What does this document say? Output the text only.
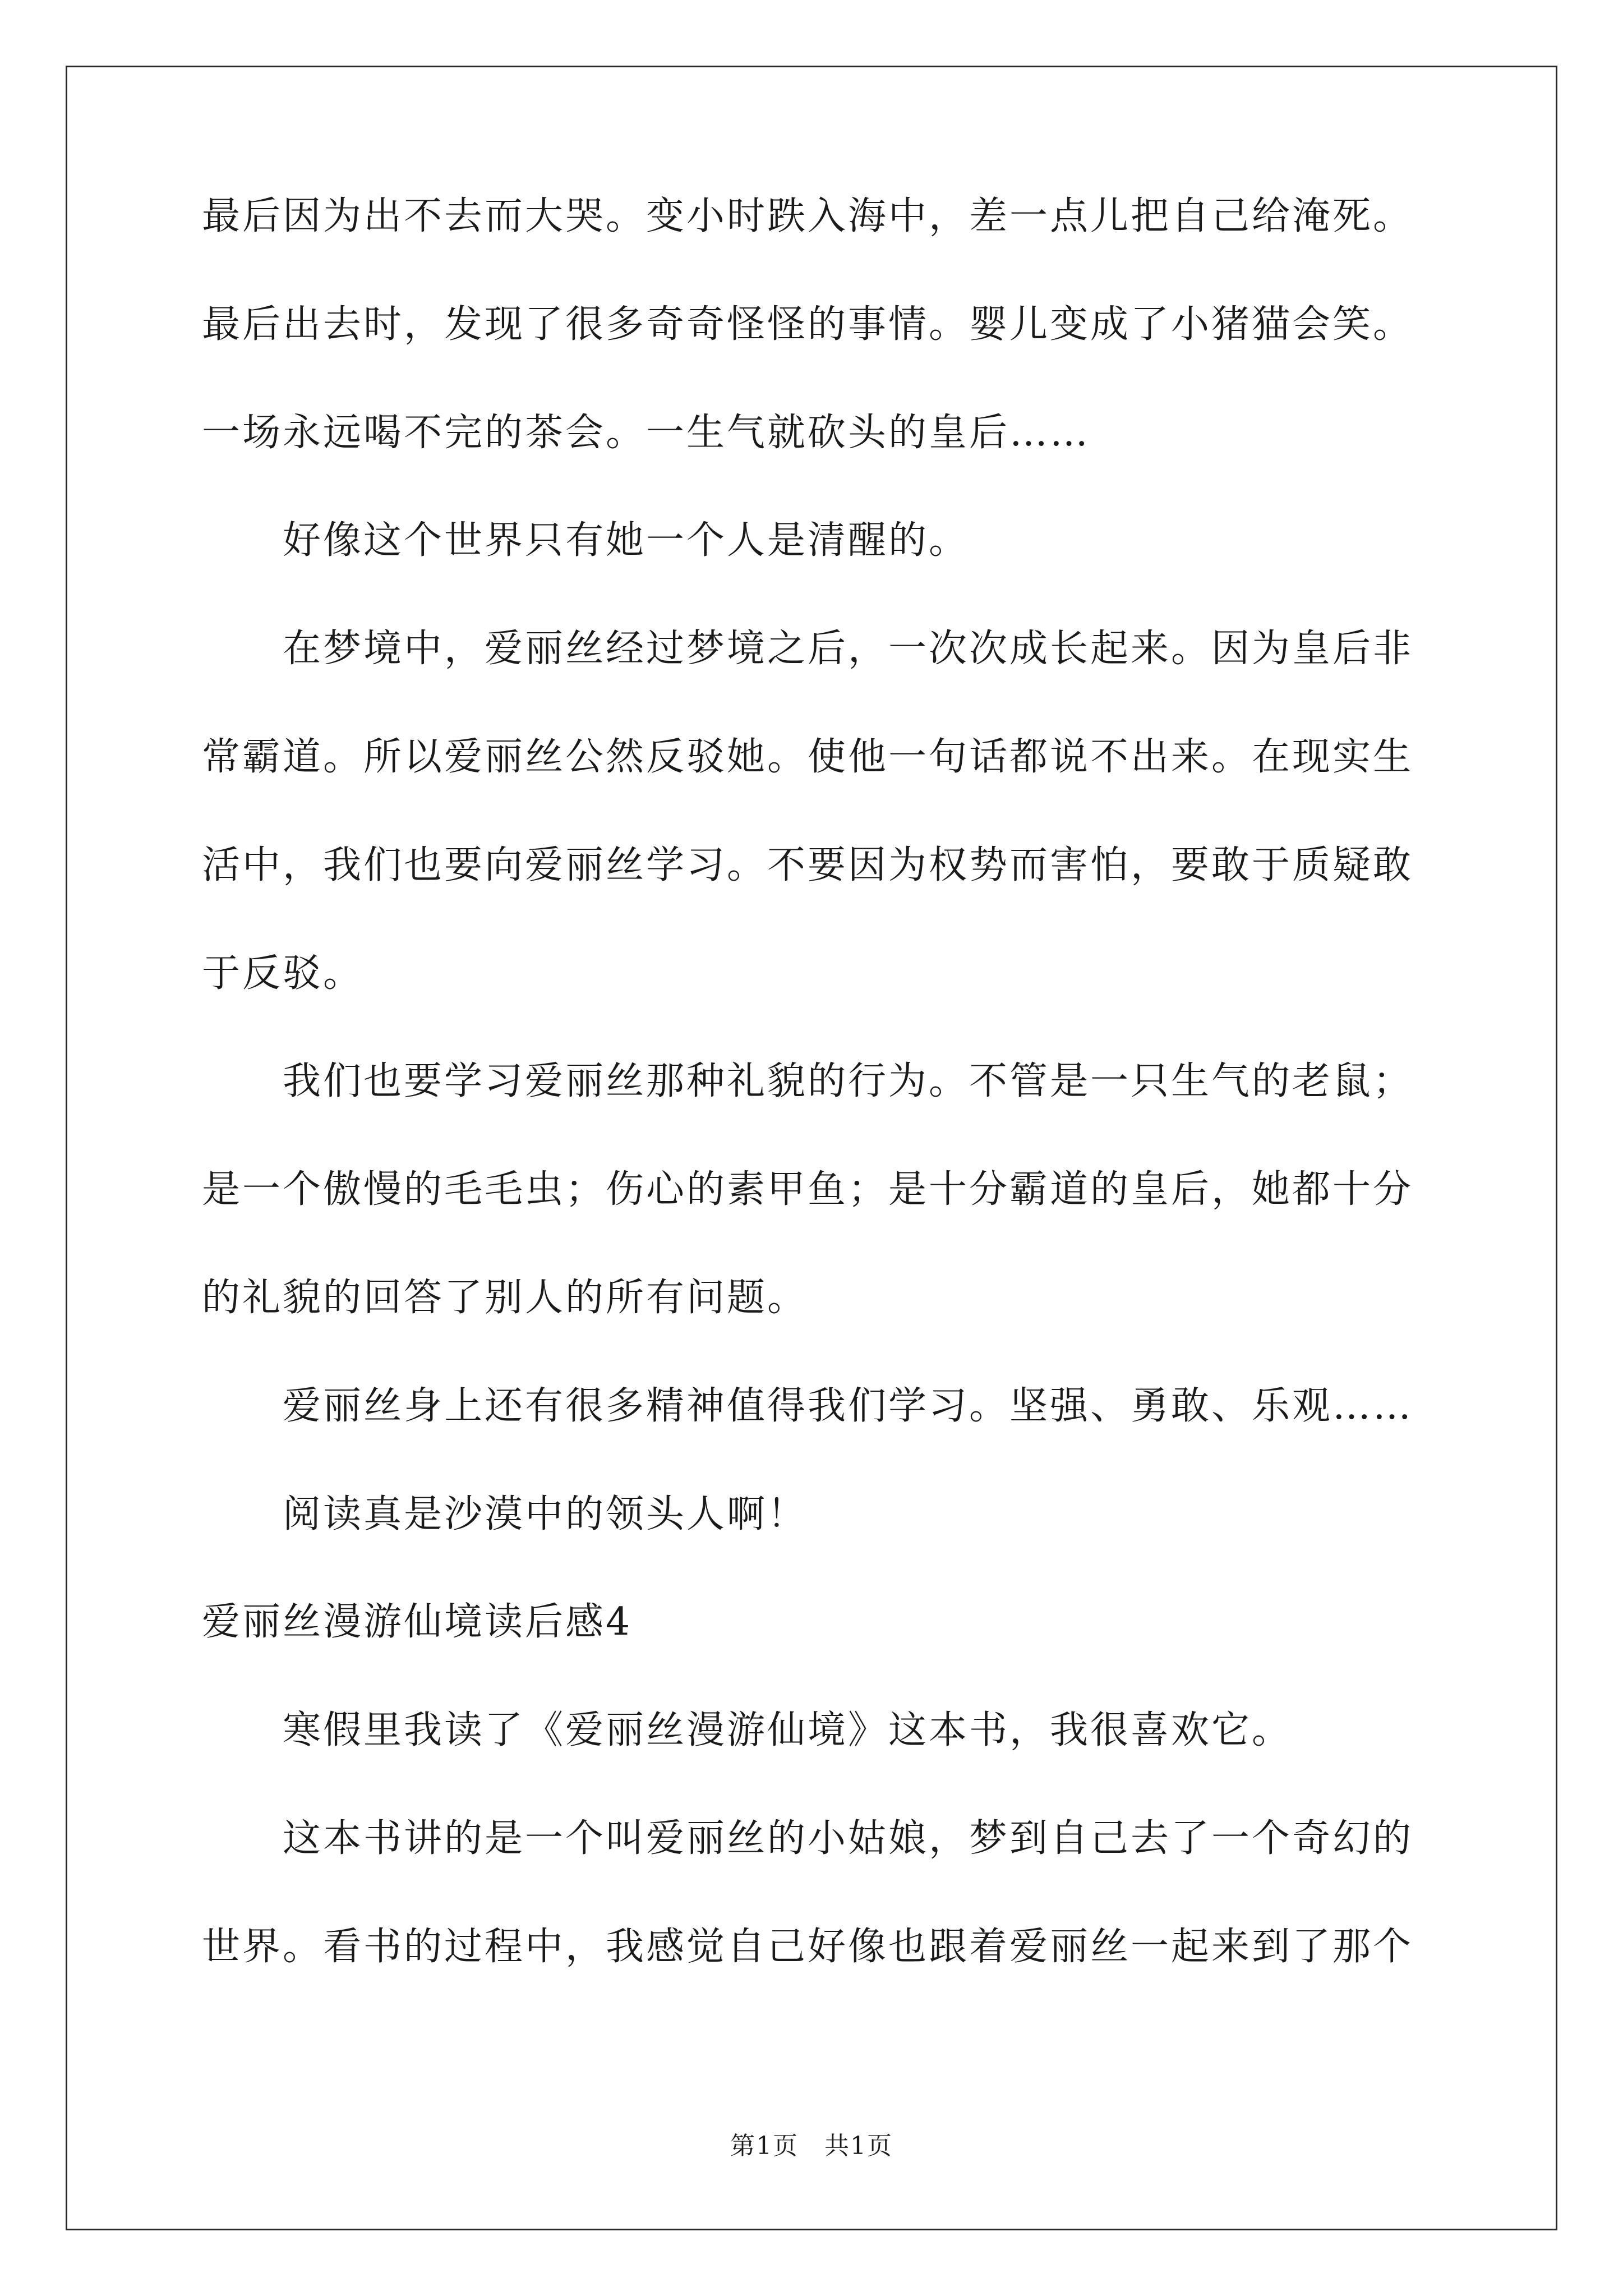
最后因为出不去而大哭。变小时跌入海中，差一点儿把自己给淹死。
最后出去时，发现了很多奇奇怪怪的事情。婴儿变成了小猪猫会笑。
一场永远喝不完的茶会。一生气就砍头的皇后……
好像这个世界只有她一个人是清醒的。
在梦境中，爱丽丝经过梦境之后，一次次成长起来。因为皇后非
常霸道。所以爱丽丝公然反驳她。使他一句话都说不出来。在现实生
活中，我们也要向爱丽丝学习。不要因为权势而害怕，要敢于质疑敢
于反驳。
我们也要学习爱丽丝那种礼貌的行为。不管是一只生气的老鼠；
是一个傲慢的毛毛虫；伤心的素甲鱼；是十分霸道的皇后，她都十分
的礼貌的回答了别人的所有问题。
爱丽丝身上还有很多精神值得我们学习。坚强、勇敢、乐观……
阅读真是沙漠中的领头人啊！
爱丽丝漫游仙境读后感4
寒假里我读了《爱丽丝漫游仙境》这本书，我很喜欢它。
这本书讲的是一个叫爱丽丝的小姑娘，梦到自己去了一个奇幻的
世界。看书的过程中，我感觉自己好像也跟着爱丽丝一起来到了那个
第1页　共1页
